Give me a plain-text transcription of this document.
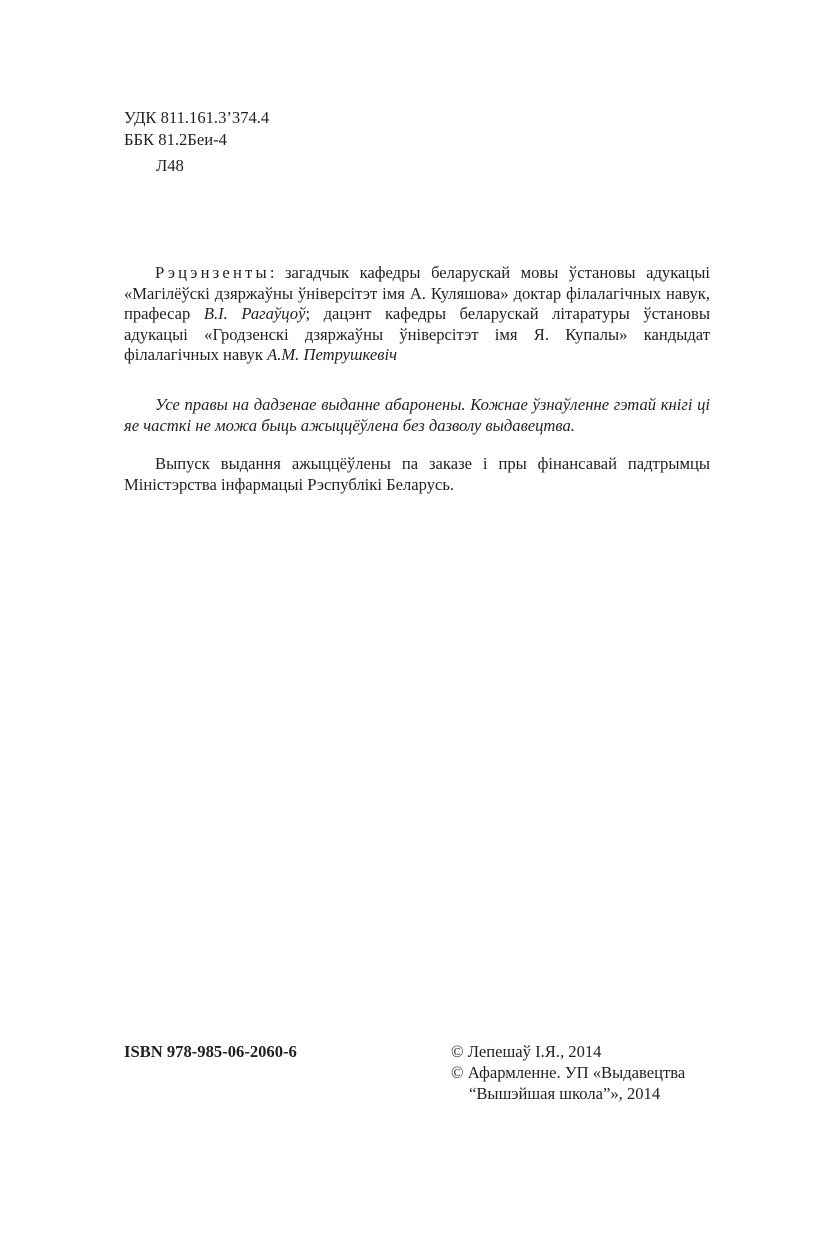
УДК 811.161.3’374.4
ББК 81.2Беи-4
Л48

Рэцэнзенты: загадчык кафедры беларускай мовы ўстановы адукацыі «Магілёўскі дзяржаўны ўніверсітэт імя А. Куляшова» доктар філалагічных навук, прафесар В.І. Рагаўцоў; дацэнт кафедры беларускай літаратуры ўстановы адукацыі «Гродзенскі дзяржаўны ўніверсітэт імя Я. Купалы» кандыдат філалагічных навук А.М. Петрушкевіч

Усе правы на дадзенае выданне абаронены. Кожнае ўзнаўленне гэтай кнігі ці яе часткі не можа быць ажыццёўлена без дазволу выдавецтва.

Выпуск выдання ажыццёўлены па заказе і пры фінансавай падтрымцы Міністэрства інфармацыі Рэспублікі Беларусь.

ISBN 978-985-06-2060-6	© Лепешаў І.Я., 2014
© Афармленне. УП «Выдавецтва
“Вышэйшая школа”», 2014
